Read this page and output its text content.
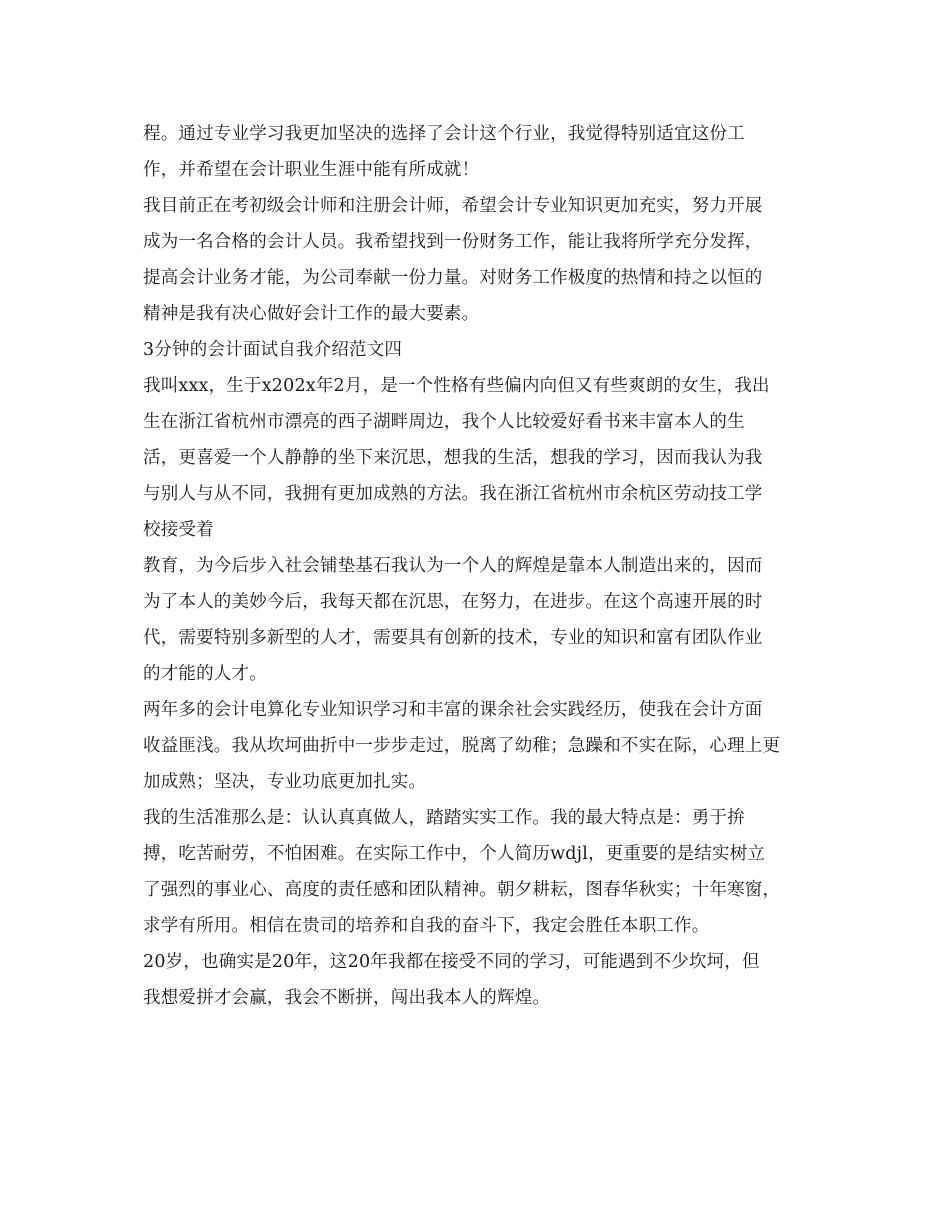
程。通过专业学习我更加坚决的选择了会计这个行业，我觉得特别适宜这份工
作，并希望在会计职业生涯中能有所成就！
我目前正在考初级会计师和注册会计师，希望会计专业知识更加充实，努力开展
成为一名合格的会计人员。我希望找到一份财务工作，能让我将所学充分发挥，
提高会计业务才能，为公司奉献一份力量。对财务工作极度的热情和持之以恒的
精神是我有决心做好会计工作的最大要素。
3分钟的会计面试自我介绍范文四
我叫xxx，生于x202x年2月，是一个性格有些偏内向但又有些爽朗的女生，我出
生在浙江省杭州市漂亮的西子湖畔周边，我个人比较爱好看书来丰富本人的生
活，更喜爱一个人静静的坐下来沉思，想我的生活，想我的学习，因而我认为我
与别人与从不同，我拥有更加成熟的方法。我在浙江省杭州市余杭区劳动技工学
校接受着
教育，为今后步入社会铺垫基石我认为一个人的辉煌是靠本人制造出来的，因而
为了本人的美妙今后，我每天都在沉思，在努力，在进步。在这个高速开展的时
代，需要特别多新型的人才，需要具有创新的技术，专业的知识和富有团队作业
的才能的人才。
两年多的会计电算化专业知识学习和丰富的课余社会实践经历，使我在会计方面
收益匪浅。我从坎坷曲折中一步步走过，脱离了幼稚；急躁和不实在际，心理上更
加成熟；坚决，专业功底更加扎实。
我的生活准那么是：认认真真做人，踏踏实实工作。我的最大特点是：勇于拚
搏，吃苦耐劳，不怕困难。在实际工作中，个人简历wdjl，更重要的是结实树立
了强烈的事业心、高度的责任感和团队精神。朝夕耕耘，图春华秋实；十年寒窗，
求学有所用。相信在贵司的培养和自我的奋斗下，我定会胜任本职工作。
20岁，也确实是20年，这20年我都在接受不同的学习，可能遇到不少坎坷，但
我想爱拼才会赢，我会不断拼，闯出我本人的辉煌。
